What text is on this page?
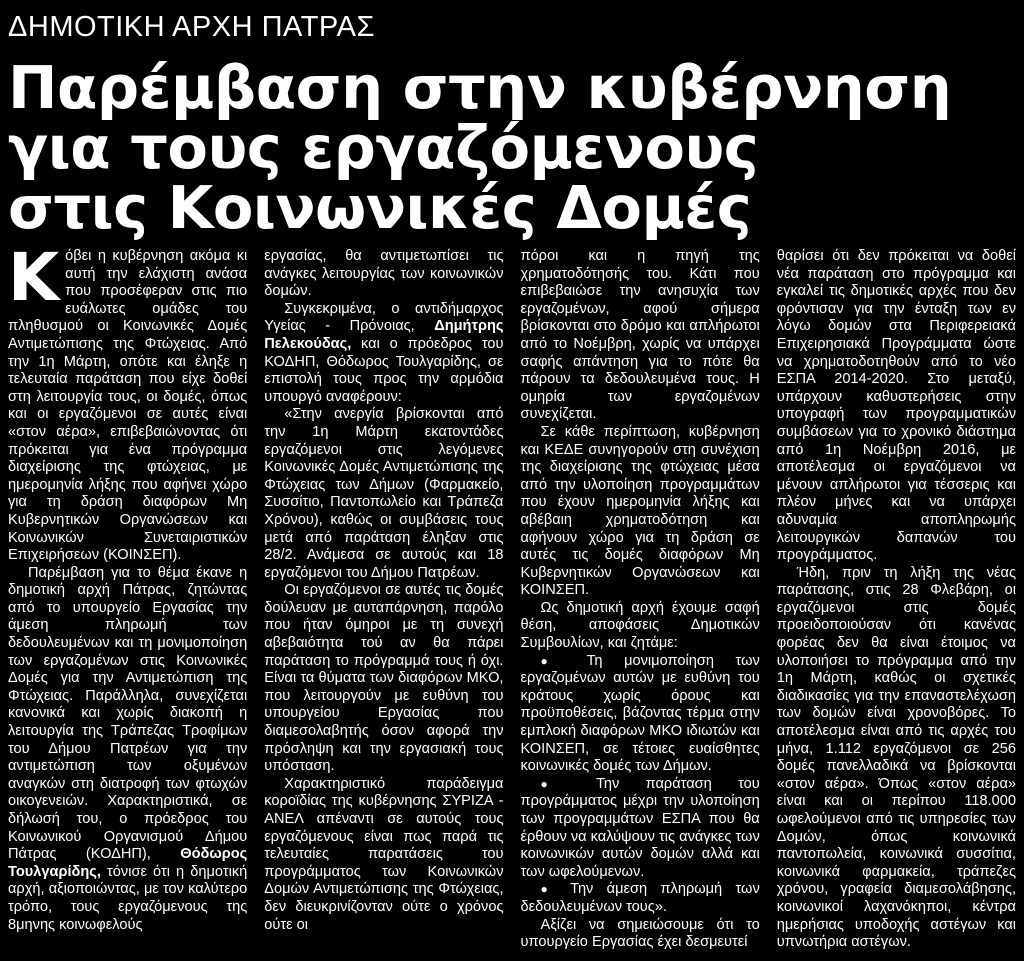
ΔΗΜΟΤΙΚΗ ΑΡΧΗ ΠΑΤΡΑΣ
Παρέμβαση στην κυβέρνηση
για τους εργαζόμενους
στις Κοινωνικές Δομές

Κόβει η κυβέρνηση ακόμα κι αυτή την ελάχιστη ανάσα που προσέφεραν στις πιο ευάλωτες ομάδες του πληθυσμού οι Κοινωνικές Δομές Αντιμετώπισης της Φτώχειας. Από την 1η Μάρτη, οπότε και έληξε η τελευταία παράταση που είχε δοθεί στη λειτουργία τους, οι δομές, όπως και οι εργαζόμενοι σε αυτές είναι «στον αέρα», επιβεβαιώνοντας ότι πρόκειται για ένα πρόγραμμα διαχείρισης της φτώχειας, με ημερομηνία λήξης που αφήνει χώρο για τη δράση διαφόρων Μη Κυβερνητικών Οργανώσεων και Κοινωνικών Συνεταιριστικών Επιχειρήσεων (ΚΟΙΝΣΕΠ).

Παρέμβαση για το θέμα έκανε η δημοτική αρχή Πάτρας, ζητώντας από το υπουργείο Εργασίας την άμεση πληρωμή των δεδουλευμένων και τη μονιμοποίηση των εργαζομένων στις Κοινωνικές Δομές για την Αντιμετώπιση της Φτώχειας. Παράλληλα, συνεχίζεται κανονικά και χωρίς διακοπή η λειτουργία της Τράπεζας Τροφίμων του Δήμου Πατρέων για την αντιμετώπιση των οξυμένων αναγκών στη διατροφή των φτωχών οικογενειών. Χαρακτηριστικά, σε δήλωσή του, ο πρόεδρος του Κοινωνικού Οργανισμού Δήμου Πάτρας (ΚΟΔΗΠ), Θόδωρος Τουλγαρίδης, τόνισε ότι η δημοτική αρχή, αξιοποιώντας, με τον καλύτερο τρόπο, τους εργαζόμενους της 8μηνης κοινωφελούς

εργασίας, θα αντιμετωπίσει τις ανάγκες λειτουργίας των κοινωνικών δομών.

Συγκεκριμένα, ο αντιδήμαρχος Υγείας - Πρόνοιας, Δημήτρης Πελεκούδας, και ο πρόεδρος του ΚΟΔΗΠ, Θόδωρος Τουλγαρίδης, σε επιστολή τους προς την αρμόδια υπουργό αναφέρουν:

«Στην ανεργία βρίσκονται από την 1η Μάρτη εκατοντάδες εργαζόμενοι στις λεγόμενες Κοινωνικές Δομές Αντιμετώπισης της Φτώχειας των Δήμων (Φαρμακείο, Συσσίτιο, Παντοπωλείο και Τράπεζα Χρόνου), καθώς οι συμβάσεις τους μετά από παράταση έληξαν στις 28/2. Ανάμεσα σε αυτούς και 18 εργαζόμενοι του Δήμου Πατρέων.

Οι εργαζόμενοι σε αυτές τις δομές δούλευαν με αυταπάρνηση, παρόλο που ήταν όμηροι με τη συνεχή αβεβαιότητα τού αν θα πάρει παράταση το πρόγραμμά τους ή όχι. Είναι τα θύματα των διαφόρων ΜΚΟ, που λειτουργούν με ευθύνη του υπουργείου Εργασίας που διαμεσολαβητής όσον αφορά την πρόσληψη και την εργασιακή τους υπόσταση.

Χαρακτηριστικό παράδειγμα κοροϊδίας της κυβέρνησης ΣΥΡΙΖΑ - ΑΝΕΛ απέναντι σε αυτούς τους εργαζόμενους είναι πως παρά τις τελευταίες παρατάσεις του προγράμματος των Κοινωνικών Δομών Αντιμετώπισης της Φτώχειας, δεν διευκρινίζονταν ούτε ο χρόνος ούτε οι

πόροι και η πηγή της χρηματοδότησής του. Κάτι που επιβεβαιώσε την ανησυχία των εργαζομένων, αφού σήμερα βρίσκονται στο δρόμο και απλήρωτοι από το Νοέμβρη, χωρίς να υπάρχει σαφής απάντηση για το πότε θα πάρουν τα δεδουλευμένα τους. Η ομηρία των εργαζομένων συνεχίζεται.

Σε κάθε περίπτωση, κυβέρνηση και ΚΕΔΕ συνηγορούν στη συνέχιση της διαχείρισης της φτώχειας μέσα από την υλοποίηση προγραμμάτων που έχουν ημερομηνία λήξης και αβέβαιη χρηματοδότηση και αφήνουν χώρο για τη δράση σε αυτές τις δομές διαφόρων Μη Κυβερνητικών Οργανώσεων και ΚΟΙΝΣΕΠ.

Ως δημοτική αρχή έχουμε σαφή θέση, αποφάσεις Δημοτικών Συμβουλίων, και ζητάμε:

● Τη μονιμοποίηση των εργαζομένων αυτών με ευθύνη του κράτους χωρίς όρους και προϋποθέσεις, βάζοντας τέρμα στην εμπλοκή διαφόρων ΜΚΟ ιδιωτών και ΚΟΙΝΣΕΠ, σε τέτοιες ευαίσθητες κοινωνικές δομές των Δήμων.

● Την παράταση του προγράμματος μέχρι την υλοποίηση των προγραμμάτων ΕΣΠΑ που θα έρθουν να καλύψουν τις ανάγκες των κοινωνικών αυτών δομών αλλά και των ωφελούμενων.

● Την άμεση πληρωμή των δεδουλευμένων τους».

Αξίζει να σημειώσουμε ότι το υπουργείο Εργασίας έχει δεσμευτεί

θαρίσει ότι δεν πρόκειται να δοθεί νέα παράταση στο πρόγραμμα και εγκαλεί τις δημοτικές αρχές που δεν φρόντισαν για την ένταξη των εν λόγω δομών στα Περιφερειακά Επιχειρησιακά Προγράμματα ώστε να χρηματοδοτηθούν από το νέο ΕΣΠΑ 2014-2020. Στο μεταξύ, υπάρχουν καθυστερήσεις στην υπογραφή των προγραμματικών συμβάσεων για το χρονικό διάστημα από 1η Νοέμβρη 2016, με αποτέλεσμα οι εργαζόμενοι να μένουν απλήρωτοι για τέσσερις και πλέον μήνες και να υπάρχει αδυναμία αποπληρωμής λειτουργικών δαπανών του προγράμματος.

Ήδη, πριν τη λήξη της νέας παράτασης, στις 28 Φλεβάρη, οι εργαζόμενοι στις δομές προειδοποιούσαν ότι κανένας φορέας δεν θα είναι έτοιμος να υλοποιήσει το πρόγραμμα από την 1η Μάρτη, καθώς οι σχετικές διαδικασίες για την επαναστελέχωση των δομών είναι χρονοβόρες. Το αποτέλεσμα είναι από τις αρχές του μήνα, 1.112 εργαζόμενοι σε 256 δομές πανελλαδικά να βρίσκονται «στον αέρα». Όπως «στον αέρα» είναι και οι περίπου 118.000 ωφελούμενοι από τις υπηρεσίες των Δομών, όπως κοινωνικά παντοπωλεία, κοινωνικά συσσίτια, κοινωνικά φαρμακεία, τράπεζες χρόνου, γραφεία διαμεσολάβησης, κοινωνικοί λαχανόκηποι, κέντρα ημερήσιας υποδοχής αστέγων και υπνωτήρια αστέγων.
